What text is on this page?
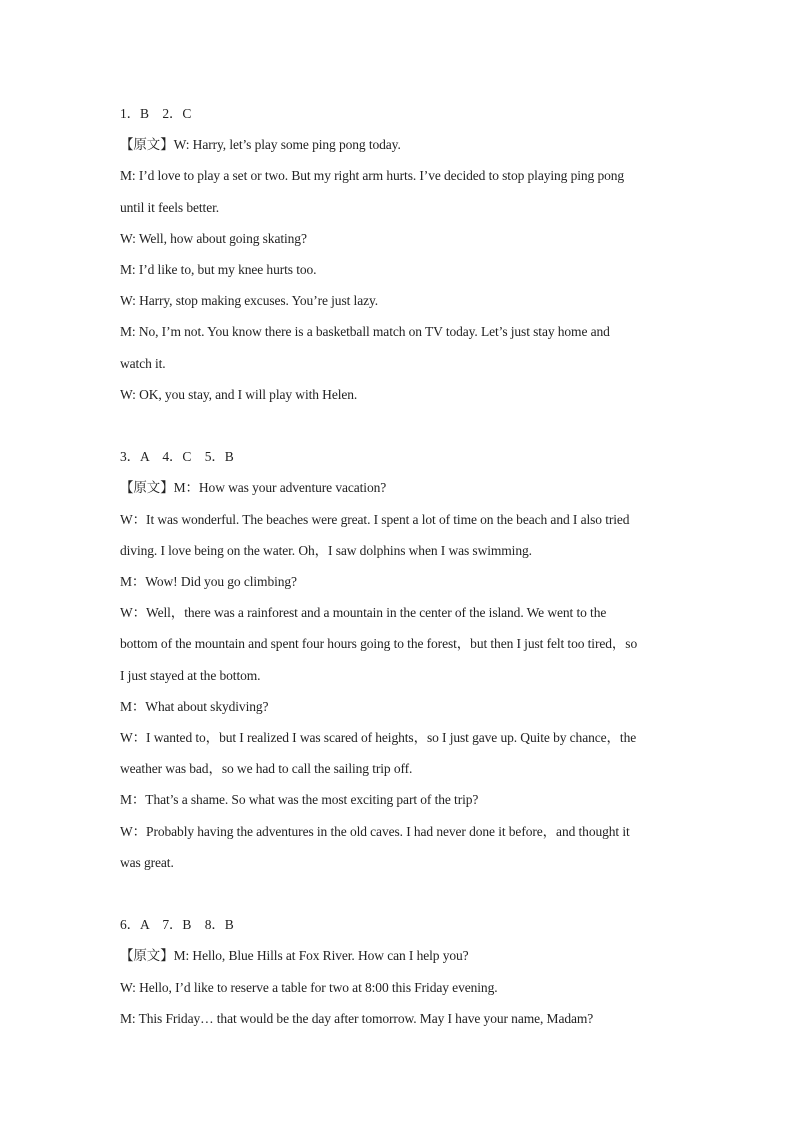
1．B　2．C
【原文】W: Harry, let’s play some ping pong today.
M: I’d love to play a set or two. But my right arm hurts. I’ve decided to stop playing ping pong
until it feels better.
W: Well, how about going skating?
M: I’d like to, but my knee hurts too.
W: Harry, stop making excuses. You’re just lazy.
M: No, I’m not. You know there is a basketball match on TV today. Let’s just stay home and
watch it.
W: OK, you stay, and I will play with Helen.
3．A　4．C　5．B
【原文】M：How was your adventure vacation?
W：It was wonderful. The beaches were great. I spent a lot of time on the beach and I also tried
diving. I love being on the water. Oh，I saw dolphins when I was swimming.
M：Wow! Did you go climbing?
W：Well，there was a rainforest and a mountain in the center of the island. We went to the
bottom of the mountain and spent four hours going to the forest，but then I just felt too tired，so
I just stayed at the bottom.
M：What about skydiving?
W：I wanted to，but I realized I was scared of heights，so I just gave up. Quite by chance，the
weather was bad，so we had to call the sailing trip off.
M：That’s a shame. So what was the most exciting part of the trip?
W：Probably having the adventures in the old caves. I had never done it before，and thought it
was great.
6．A　7．B　8．B
【原文】M: Hello, Blue Hills at Fox River. How can I help you?
W: Hello, I’d like to reserve a table for two at 8:00 this Friday evening.
M: This Friday… that would be the day after tomorrow. May I have your name, Madam?
